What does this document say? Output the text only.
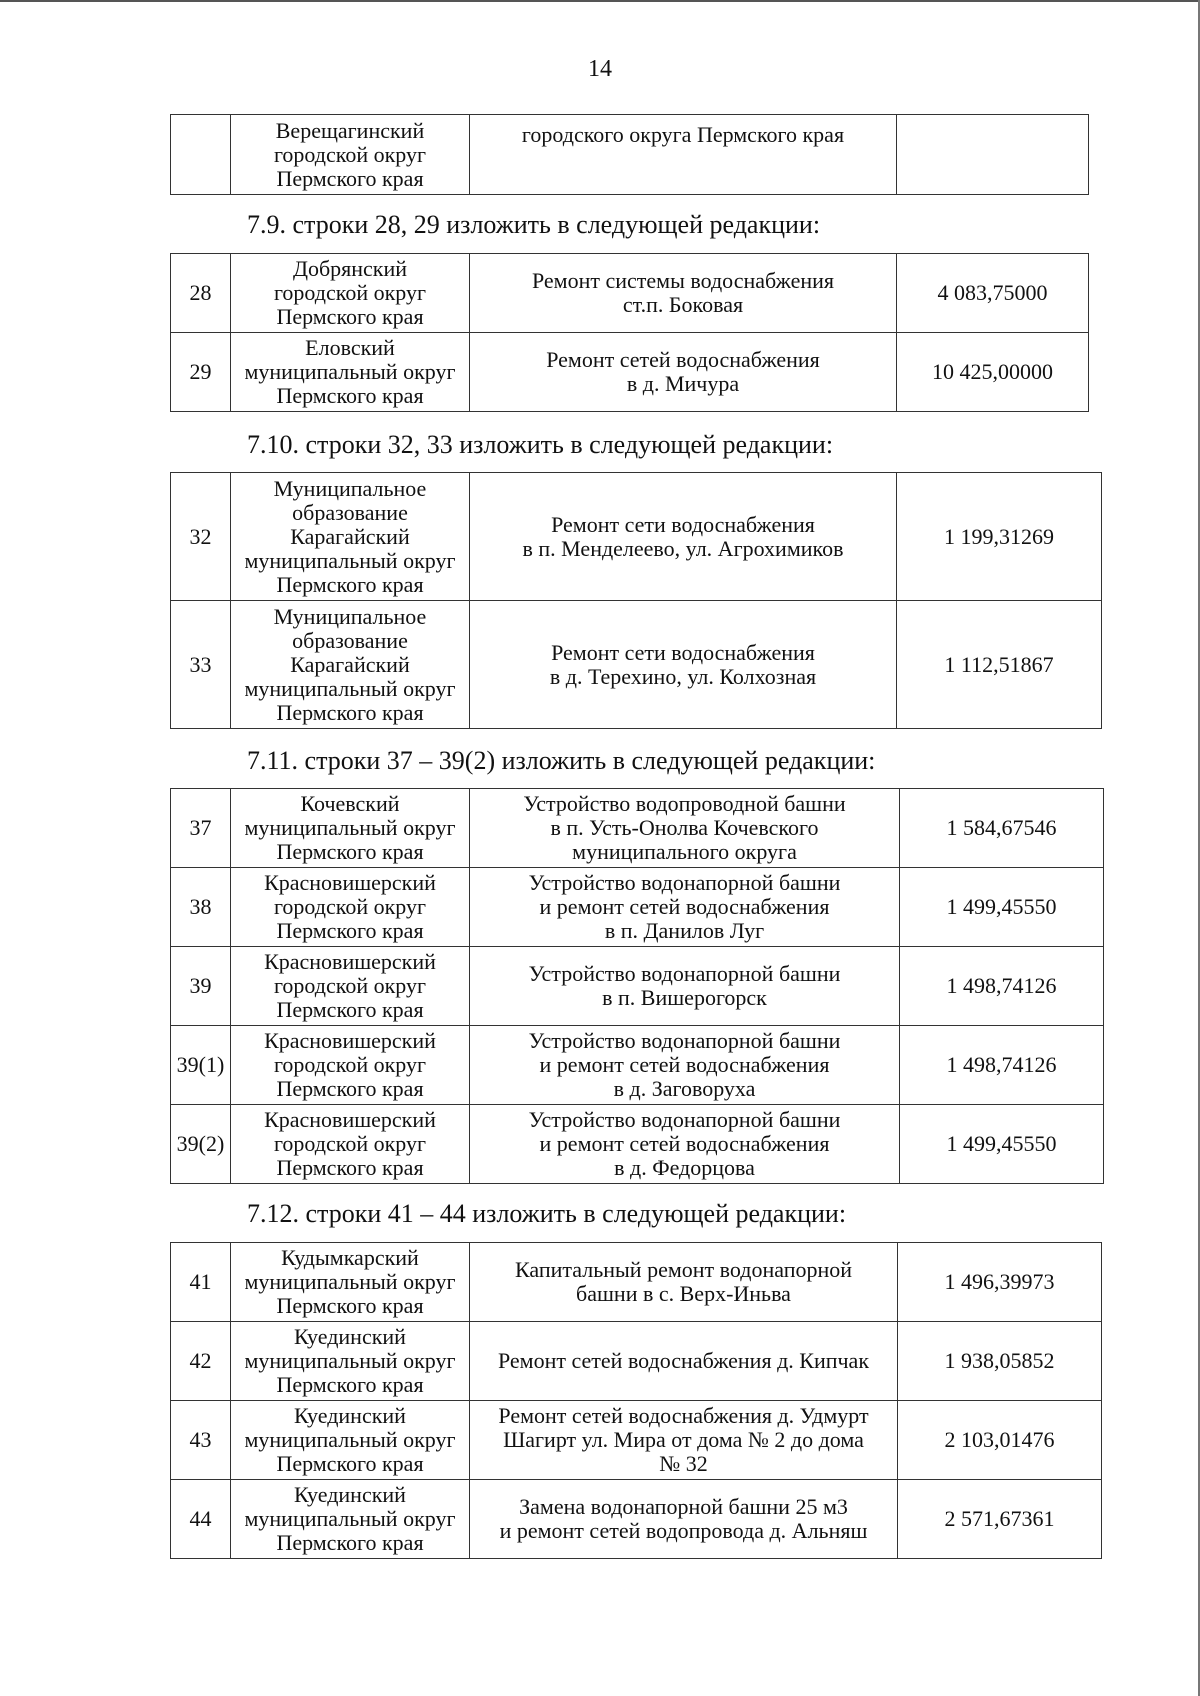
14
	Верещагинский
городской округ
Пермского края	городского округа Пермского края	
7.9. строки 28, 29 изложить в следующей редакции:
28	Добрянский
городской округ
Пермского края	Ремонт системы водоснабжения
ст.п. Боковая	4 083,75000
29	Еловский
муниципальный округ
Пермского края	Ремонт сетей водоснабжения
в д. Мичура	10 425,00000
7.10. строки 32, 33 изложить в следующей редакции:
32	Муниципальное
образование
Карагайский
муниципальный округ
Пермского края	Ремонт сети водоснабжения
в п. Менделеево, ул. Агрохимиков	1 199,31269
33	Муниципальное
образование
Карагайский
муниципальный округ
Пермского края	Ремонт сети водоснабжения
в д. Терехино, ул. Колхозная	1 112,51867
7.11. строки 37 – 39(2) изложить в следующей редакции:
37	Кочевский
муниципальный округ
Пермского края	Устройство водопроводной башни
в п. Усть-Онолва Кочевского
муниципального округа	1 584,67546
38	Красновишерский
городской округ
Пермского края	Устройство водонапорной башни
и ремонт сетей водоснабжения
в п. Данилов Луг	1 499,45550
39	Красновишерский
городской округ
Пермского края	Устройство водонапорной башни
в п. Вишерогорск	1 498,74126
39(1)	Красновишерский
городской округ
Пермского края	Устройство водонапорной башни
и ремонт сетей водоснабжения
в д. Заговоруха	1 498,74126
39(2)	Красновишерский
городской округ
Пермского края	Устройство водонапорной башни
и ремонт сетей водоснабжения
в д. Федорцова	1 499,45550
7.12. строки 41 – 44 изложить в следующей редакции:
41	Кудымкарский
муниципальный округ
Пермского края	Капитальный ремонт водонапорной
башни в с. Верх-Иньва	1 496,39973
42	Куединский
муниципальный округ
Пермского края	Ремонт сетей водоснабжения д. Кипчак	1 938,05852
43	Куединский
муниципальный округ
Пермского края	Ремонт сетей водоснабжения д. Удмурт
Шагирт ул. Мира от дома № 2 до дома
№ 32	2 103,01476
44	Куединский
муниципальный округ
Пермского края	Замена водонапорной башни 25 м3
и ремонт сетей водопровода д. Альняш	2 571,67361
